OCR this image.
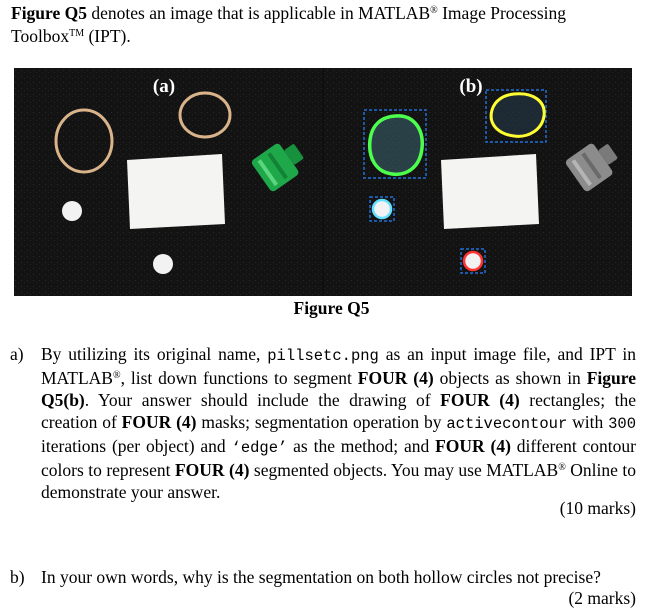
Figure Q5 denotes an image that is applicable in MATLAB® Image Processing Toolbox™ (IPT).
(a)	(b)
Figure Q5
a) By utilizing its original name, pillsetc.png as an input image file, and IPT in MATLAB®, list down functions to segment FOUR (4) objects as shown in Figure Q5(b). Your answer should include the drawing of FOUR (4) rectangles; the creation of FOUR (4) masks; segmentation operation by activecontour with 300 iterations (per object) and ‘edge’ as the method; and FOUR (4) different contour colors to represent FOUR (4) segmented objects. You may use MATLAB® Online to demonstrate your answer.
(10 marks)
b) In your own words, why is the segmentation on both hollow circles not precise?
(2 marks)
